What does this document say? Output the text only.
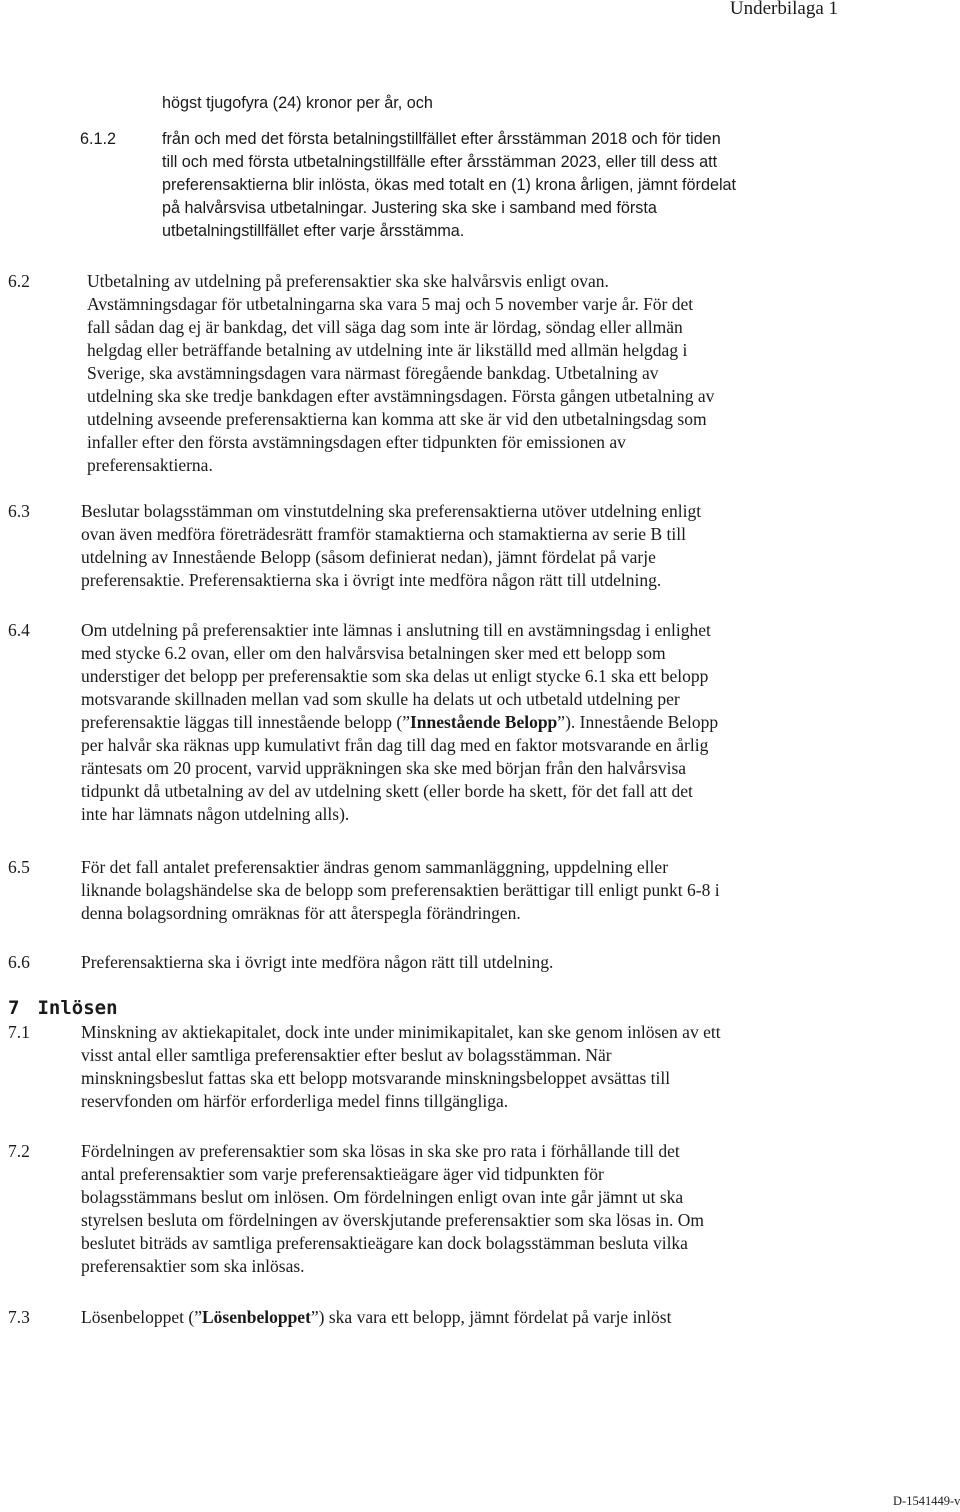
Underbilaga 1
högst tjugofyra (24) kronor per år, och
6.1.2	från och med det första betalningstillfället efter årsstämman 2018 och för tiden
till och med första utbetalningstillfälle efter årsstämman 2023, eller till dess att
preferensaktierna blir inlösta, ökas med totalt en (1) krona årligen, jämnt fördelat
på halvårsvisa utbetalningar. Justering ska ske i samband med första
utbetalningstillfället efter varje årsstämma.
6.2	Utbetalning av utdelning på preferensaktier ska ske halvårsvis enligt ovan.
Avstämningsdagar för utbetalningarna ska vara 5 maj och 5 november varje år. För det
fall sådan dag ej är bankdag, det vill säga dag som inte är lördag, söndag eller allmän
helgdag eller beträffande betalning av utdelning inte är likställd med allmän helgdag i
Sverige, ska avstämningsdagen vara närmast föregående bankdag. Utbetalning av
utdelning ska ske tredje bankdagen efter avstämningsdagen. Första gången utbetalning av
utdelning avseende preferensaktierna kan komma att ske är vid den utbetalningsdag som
infaller efter den första avstämningsdagen efter tidpunkten för emissionen av
preferensaktierna.
6.3	Beslutar bolagsstämman om vinstutdelning ska preferensaktierna utöver utdelning enligt
ovan även medföra företrädesrätt framför stamaktierna och stamaktierna av serie B till
utdelning av Innestående Belopp (såsom definierat nedan), jämnt fördelat på varje
preferensaktie. Preferensaktierna ska i övrigt inte medföra någon rätt till utdelning.
6.4	Om utdelning på preferensaktier inte lämnas i anslutning till en avstämningsdag i enlighet
med stycke 6.2 ovan, eller om den halvårsvisa betalningen sker med ett belopp som
understiger det belopp per preferensaktie som ska delas ut enligt stycke 6.1 ska ett belopp
motsvarande skillnaden mellan vad som skulle ha delats ut och utbetald utdelning per
preferensaktie läggas till innestående belopp (”Innestående Belopp”). Innestående Belopp
per halvår ska räknas upp kumulativt från dag till dag med en faktor motsvarande en årlig
räntesats om 20 procent, varvid uppräkningen ska ske med början från den halvårsvisa
tidpunkt då utbetalning av del av utdelning skett (eller borde ha skett, för det fall att det
inte har lämnats någon utdelning alls).
6.5	För det fall antalet preferensaktier ändras genom sammanläggning, uppdelning eller
liknande bolagshändelse ska de belopp som preferensaktien berättigar till enligt punkt 6-8 i
denna bolagsordning omräknas för att återspegla förändringen.
6.6	Preferensaktierna ska i övrigt inte medföra någon rätt till utdelning.
7 Inlösen
7.1	Minskning av aktiekapitalet, dock inte under minimikapitalet, kan ske genom inlösen av ett
visst antal eller samtliga preferensaktier efter beslut av bolagsstämman. När
minskningsbeslut fattas ska ett belopp motsvarande minskningsbeloppet avsättas till
reservfonden om härför erforderliga medel finns tillgängliga.
7.2	Fördelningen av preferensaktier som ska lösas in ska ske pro rata i förhållande till det
antal preferensaktier som varje preferensaktieägare äger vid tidpunkten för
bolagsstämmans beslut om inlösen. Om fördelningen enligt ovan inte går jämnt ut ska
styrelsen besluta om fördelningen av överskjutande preferensaktier som ska lösas in. Om
beslutet biträds av samtliga preferensaktieägare kan dock bolagsstämman besluta vilka
preferensaktier som ska inlösas.
7.3	Lösenbeloppet (”Lösenbeloppet”) ska vara ett belopp, jämnt fördelat på varje inlöst
D-1541449-v
